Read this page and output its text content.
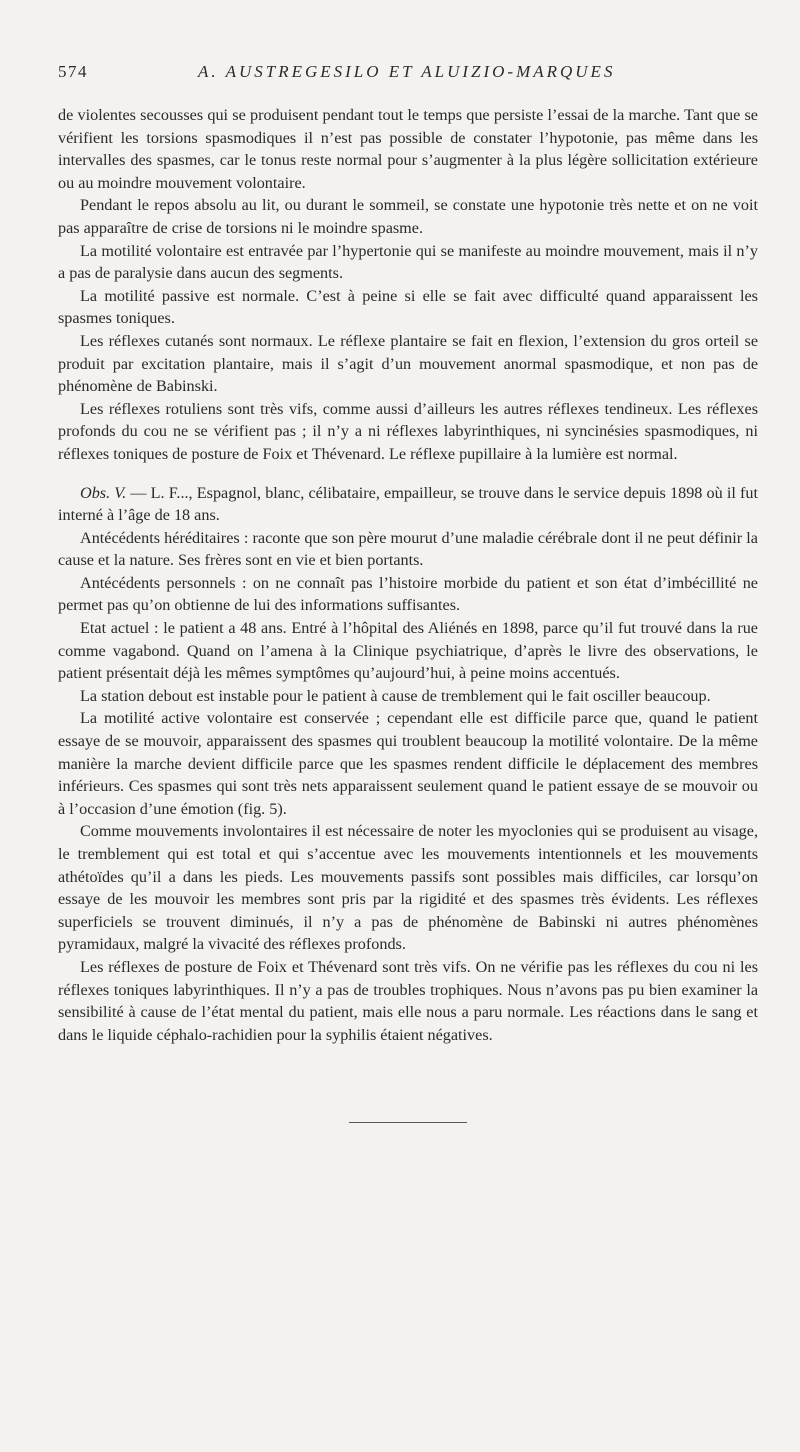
574	A. AUSTREGESILO ET ALUIZIO-MARQUES

de violentes secousses qui se produisent pendant tout le temps que persiste l’essai de la marche. Tant que se vérifient les torsions spasmodiques il n’est pas possible de constater l’hypotonie, pas même dans les intervalles des spasmes, car le tonus reste normal pour s’augmenter à la plus légère sollicitation extérieure ou au moindre mouvement volontaire.

Pendant le repos absolu au lit, ou durant le sommeil, se constate une hypotonie très nette et on ne voit pas apparaître de crise de torsions ni le moindre spasme.

La motilité volontaire est entravée par l’hypertonie qui se manifeste au moindre mouvement, mais il n’y a pas de paralysie dans aucun des segments.

La motilité passive est normale. C’est à peine si elle se fait avec difficulté quand apparaissent les spasmes toniques.

Les réflexes cutanés sont normaux. Le réflexe plantaire se fait en flexion, l’extension du gros orteil se produit par excitation plantaire, mais il s’agit d’un mouvement anormal spasmodique, et non pas de phénomène de Babinski.

Les réflexes rotuliens sont très vifs, comme aussi d’ailleurs les autres réflexes tendineux. Les réflexes profonds du cou ne se vérifient pas ; il n’y a ni réflexes labyrinthiques, ni syncinésies spasmodiques, ni réflexes toniques de posture de Foix et Thévenard. Le réflexe pupillaire à la lumière est normal.

Obs. V. — L. F..., Espagnol, blanc, célibataire, empailleur, se trouve dans le service depuis 1898 où il fut interné à l’âge de 18 ans.

Antécédents héréditaires : raconte que son père mourut d’une maladie cérébrale dont il ne peut définir la cause et la nature. Ses frères sont en vie et bien portants.

Antécédents personnels : on ne connaît pas l’histoire morbide du patient et son état d’imbécillité ne permet pas qu’on obtienne de lui des informations suffisantes.

Etat actuel : le patient a 48 ans. Entré à l’hôpital des Aliénés en 1898, parce qu’il fut trouvé dans la rue comme vagabond. Quand on l’amena à la Clinique psychiatrique, d’après le livre des observations, le patient présentait déjà les mêmes symptômes qu’aujourd’hui, à peine moins accentués.

La station debout est instable pour le patient à cause de tremblement qui le fait osciller beaucoup.

La motilité active volontaire est conservée ; cependant elle est difficile parce que, quand le patient essaye de se mouvoir, apparaissent des spasmes qui troublent beaucoup la motilité volontaire. De la même manière la marche devient difficile parce que les spasmes rendent difficile le déplacement des membres inférieurs. Ces spasmes qui sont très nets apparaissent seulement quand le patient essaye de se mouvoir ou à l’occasion d’une émotion (fig. 5).

Comme mouvements involontaires il est nécessaire de noter les myoclonies qui se produisent au visage, le tremblement qui est total et qui s’accentue avec les mouvements intentionnels et les mouvements athétoïdes qu’il a dans les pieds. Les mouvements passifs sont possibles mais difficiles, car lorsqu’on essaye de les mouvoir les membres sont pris par la rigidité et des spasmes très évidents. Les réflexes superficiels se trouvent diminués, il n’y a pas de phénomène de Babinski ni autres phénomènes pyramidaux, malgré la vivacité des réflexes profonds.

Les réflexes de posture de Foix et Thévenard sont très vifs. On ne vérifie pas les réflexes du cou ni les réflexes toniques labyrinthiques. Il n’y a pas de troubles trophiques. Nous n’avons pas pu bien examiner la sensibilité à cause de l’état mental du patient, mais elle nous a paru normale. Les réactions dans le sang et dans le liquide céphalo-rachidien pour la syphilis étaient négatives.
